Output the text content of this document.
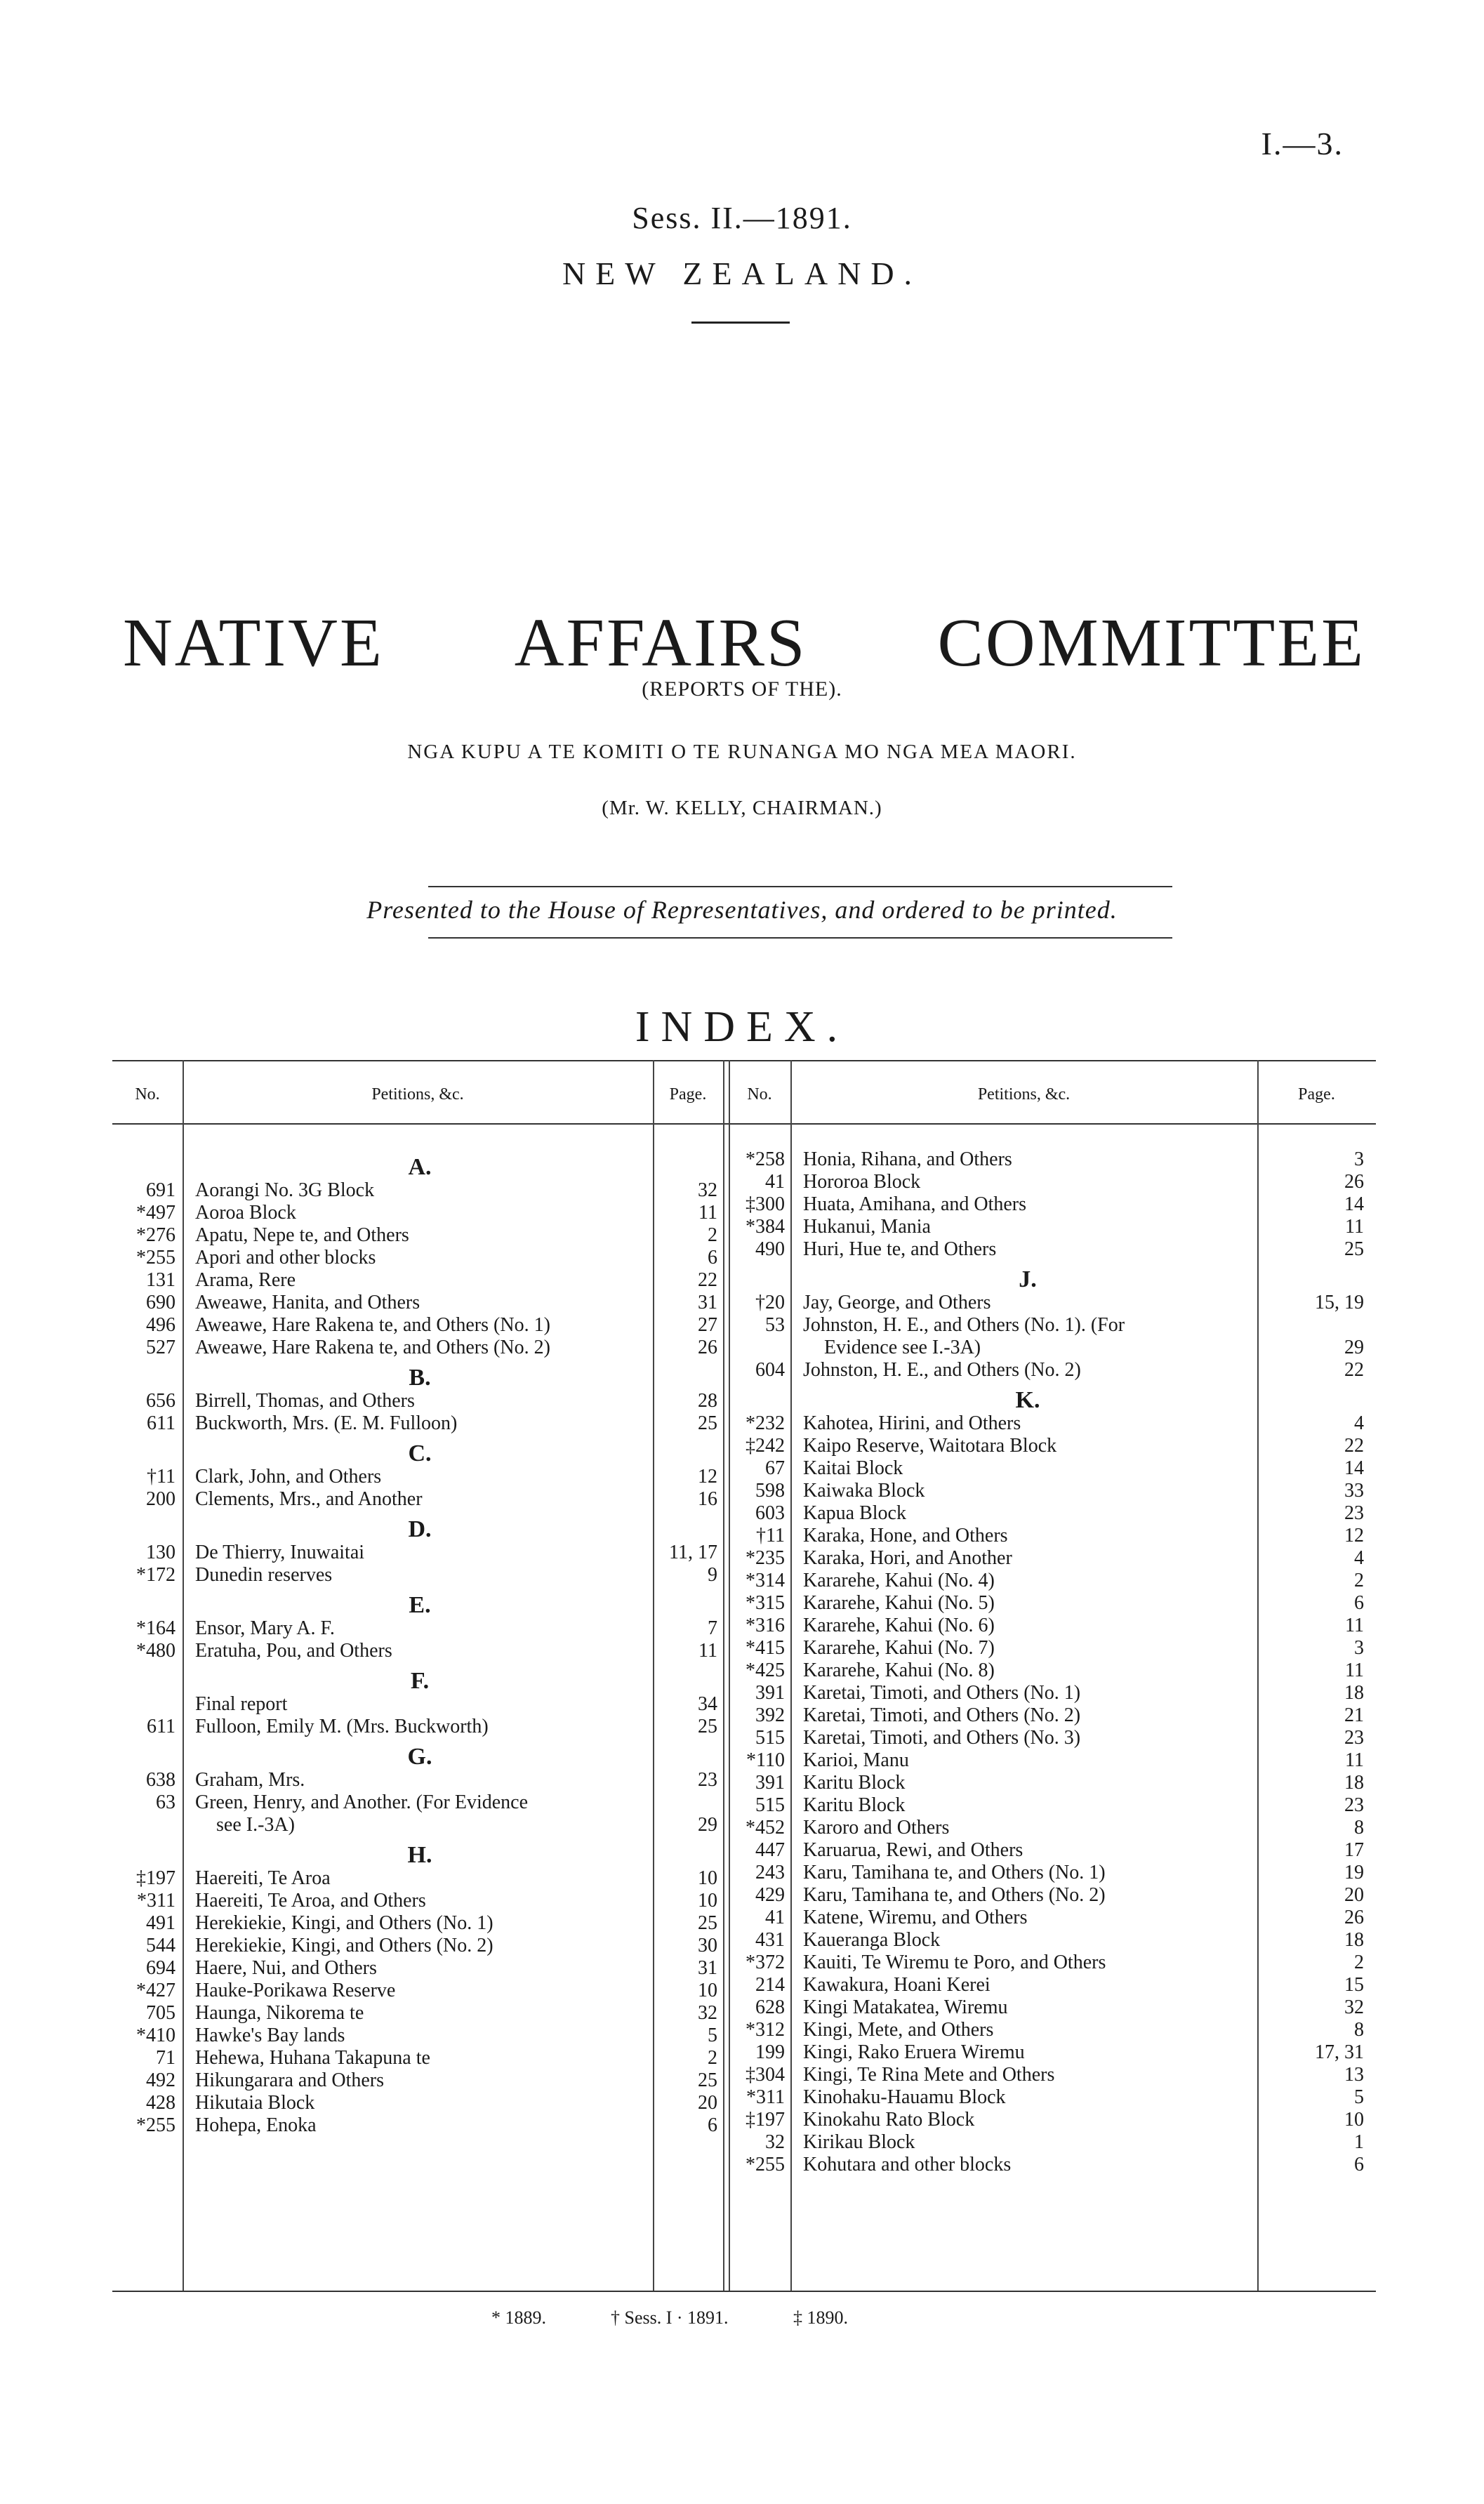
I.—3.
Sess. II.—1891.
NEW ZEALAND.
NATIVE AFFAIRS COMMITTEE
(REPORTS OF THE).
NGA KUPU A TE KOMITI O TE RUNANGA MO NGA MEA MAORI.
(Mr. W. KELLY, CHAIRMAN.)
Presented to the House of Representatives, and ordered to be printed.
INDEX.
No.	Petitions, &c.	Page.	No.	Petitions, &c.	Page.
A.
691 Aorangi No. 3G Block	32
*497 Aoroa Block	11
*276 Apatu, Nepe te, and Others	2
*255 Apori and other blocks	6
131 Arama, Rere	22
690 Aweawe, Hanita, and Others	31
496 Aweawe, Hare Rakena te, and Others (No. 1)	27
527 Aweawe, Hare Rakena te, and Others (No. 2)	26
B.
656 Birrell, Thomas, and Others	28
611 Buckworth, Mrs. (E. M. Fulloon)	25
C.
†11 Clark, John, and Others	12
200 Clements, Mrs., and Another	16
D.
130 De Thierry, Inuwaitai	11, 17
*172 Dunedin reserves	9
E.
*164 Ensor, Mary A. F.	7
*480 Eratuha, Pou, and Others	11
F.
Final report	34
611 Fulloon, Emily M. (Mrs. Buckworth)	25
G.
638 Graham, Mrs.	23
63 Green, Henry, and Another. (For Evidence
see I.-3A)	29
H.
‡197 Haereiti, Te Aroa	10
*311 Haereiti, Te Aroa, and Others	10
491 Herekiekie, Kingi, and Others (No. 1)	25
544 Herekiekie, Kingi, and Others (No. 2)	30
694 Haere, Nui, and Others	31
*427 Hauke-Porikawa Reserve	10
705 Haunga, Nikorema te	32
*410 Hawke's Bay lands	5
71 Hehewa, Huhana Takapuna te	2
492 Hikungarara and Others	25
428 Hikutaia Block	20
*255 Hohepa, Enoka	6
*258 Honia, Rihana, and Others	3
41 Hororoa Block	26
‡300 Huata, Amihana, and Others	14
*384 Hukanui, Mania	11
490 Huri, Hue te, and Others	25
J.
†20 Jay, George, and Others	15, 19
53 Johnston, H. E., and Others (No. 1). (For
Evidence see I.-3A)	29
604 Johnston, H. E., and Others (No. 2)	22
K.
*232 Kahotea, Hirini, and Others	4
‡242 Kaipo Reserve, Waitotara Block	22
67 Kaitai Block	14
598 Kaiwaka Block	33
603 Kapua Block	23
†11 Karaka, Hone, and Others	12
*235 Karaka, Hori, and Another	4
*314 Kararehe, Kahui (No. 4)	2
*315 Kararehe, Kahui (No. 5)	6
*316 Kararehe, Kahui (No. 6)	11
*415 Kararehe, Kahui (No. 7)	3
*425 Kararehe, Kahui (No. 8)	11
391 Karetai, Timoti, and Others (No. 1)	18
392 Karetai, Timoti, and Others (No. 2)	21
515 Karetai, Timoti, and Others (No. 3)	23
*110 Karioi, Manu	11
391 Karitu Block	18
515 Karitu Block	23
*452 Karoro and Others	8
447 Karuarua, Rewi, and Others	17
243 Karu, Tamihana te, and Others (No. 1)	19
429 Karu, Tamihana te, and Others (No. 2)	20
41 Katene, Wiremu, and Others	26
431 Kaueranga Block	18
*372 Kauiti, Te Wiremu te Poro, and Others	2
214 Kawakura, Hoani Kerei	15
628 Kingi Matakatea, Wiremu	32
*312 Kingi, Mete, and Others	8
199 Kingi, Rako Eruera Wiremu	17, 31
‡304 Kingi, Te Rina Mete and Others	13
*311 Kinohaku-Hauamu Block	5
‡197 Kinokahu Rato Block	10
32 Kirikau Block	1
*255 Kohutara and other blocks	6
* 1889.	† Sess. I · 1891.	‡ 1890.
